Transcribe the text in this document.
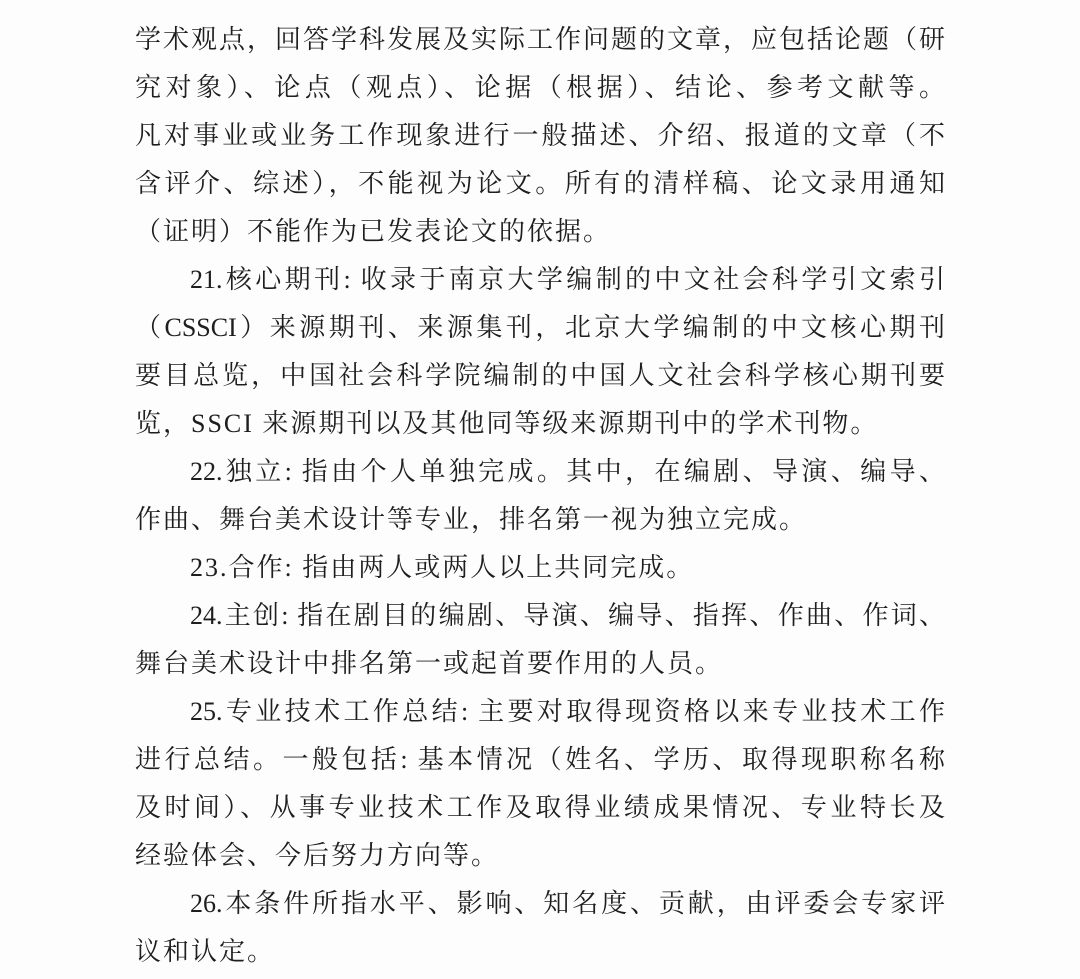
学术观点，回答学科发展及实际工作问题的文章，应包括论题（研
究对象）、论点（观点）、论据（根据）、结论、参考文献等。
凡对事业或业务工作现象进行一般描述、介绍、报道的文章（不
含评介、综述），不能视为论文。所有的清样稿、论文录用通知
（证明）不能作为已发表论文的依据。
21.核心期刊: 收录于南京大学编制的中文社会科学引文索引
（CSSCI）来源期刊、来源集刊，北京大学编制的中文核心期刊
要目总览，中国社会科学院编制的中国人文社会科学核心期刊要
览，SSCI 来源期刊以及其他同等级来源期刊中的学术刊物。
22.独立: 指由个人单独完成。其中，在编剧、导演、编导、
作曲、舞台美术设计等专业，排名第一视为独立完成。
23.合作: 指由两人或两人以上共同完成。
24.主创: 指在剧目的编剧、导演、编导、指挥、作曲、作词、
舞台美术设计中排名第一或起首要作用的人员。
25.专业技术工作总结: 主要对取得现资格以来专业技术工作
进行总结。一般包括: 基本情况（姓名、学历、取得现职称名称
及时间）、从事专业技术工作及取得业绩成果情况、专业特长及
经验体会、今后努力方向等。
26.本条件所指水平、影响、知名度、贡献，由评委会专家评
议和认定。
